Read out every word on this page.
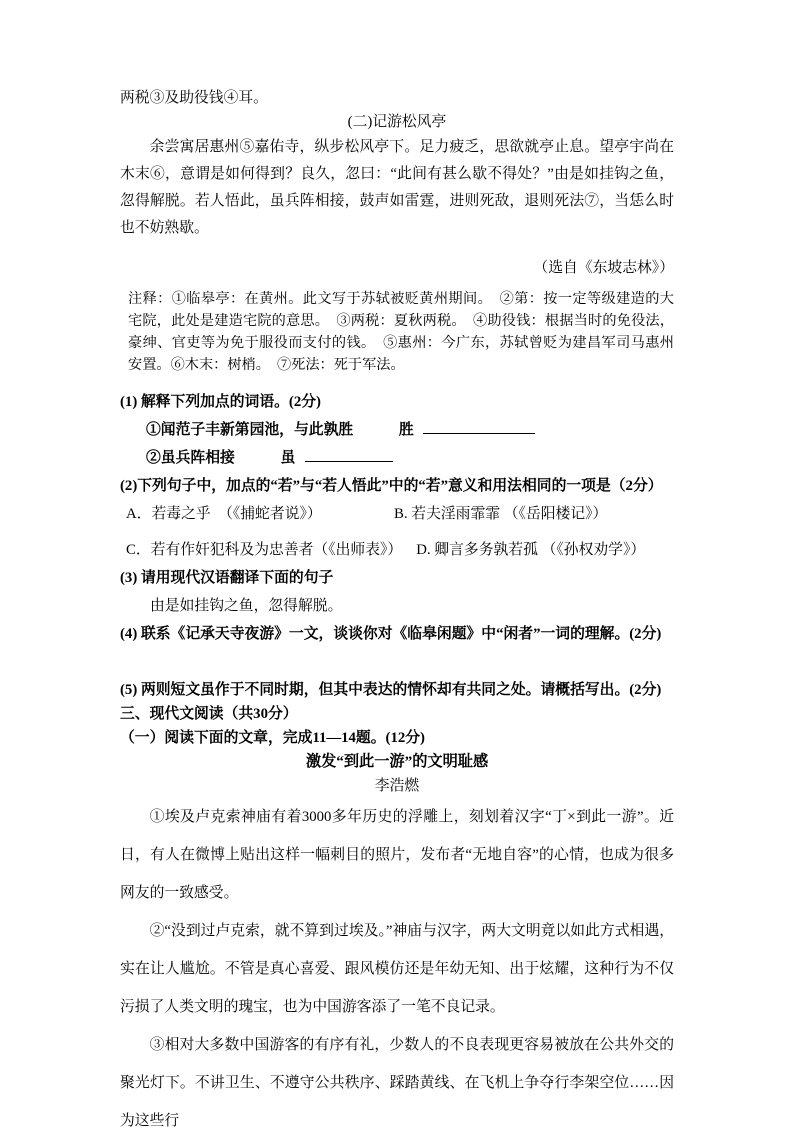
两税③及助役钱④耳。

(二)记游松风亭

余尝寓居惠州⑤嘉佑寺，纵步松风亭下。足力疲乏，思欲就亭止息。望亭宇尚在木末⑥，意谓是如何得到？良久，忽曰：“此间有甚么歇不得处？”由是如挂钩之鱼，忽得解脱。若人悟此，虽兵阵相接，鼓声如雷霆，进则死敌，退则死法⑦，当恁么时也不妨熟歇。

（选自《东坡志林》）

注释：①临皋亭：在黄州。此文写于苏轼被贬黄州期间。　②第：按一定等级建造的大宅院，此处是建造宅院的意思。　③两税：夏秋两税。　④助役钱：根据当时的免役法，豪绅、官吏等为免于服役而支付的钱。　⑤惠州：今广东，苏轼曾贬为建昌军司马惠州安置。⑥木末：树梢。　⑦死法：死于军法。

(1) 解释下列加点的词语。(2分)

①闻范子丰新第园池，与此孰胜	胜

②虽兵阵相接	虽

(2)下列句子中，加点的“若”与“若人悟此”中的“若”意义和用法相同的一项是（2分）

A．若毒之乎　（《捕蛇者说》）	B. 若夫淫雨霏霏 （《岳阳楼记》）
C．若有作奸犯科及为忠善者（《出师表》） D. 卿言多务孰若孤 （《孙权劝学》）

(3) 请用现代汉语翻译下面的句子

由是如挂钩之鱼，忽得解脱。

(4) 联系《记承天寺夜游》一文，谈谈你对《临皋闲题》中“闲者”一词的理解。(2分)

(5) 两则短文虽作于不同时期，但其中表达的情怀却有共同之处。请概括写出。(2分)

三、现代文阅读（共30分）

（一）阅读下面的文章，完成11—14题。(12分)

激发“到此一游”的文明耻感

李浩燃

①埃及卢克索神庙有着3000多年历史的浮雕上，刻划着汉字“丁×到此一游”。近日，有人在微博上贴出这样一幅刺目的照片，发布者“无地自容”的心情，也成为很多网友的一致感受。

②“没到过卢克索，就不算到过埃及。”神庙与汉字，两大文明竟以如此方式相遇，实在让人尴尬。不管是真心喜爱、跟风模仿还是年幼无知、出于炫耀，这种行为不仅污损了人类文明的瑰宝，也为中国游客添了一笔不良记录。

③相对大多数中国游客的有序有礼，少数人的不良表现更容易被放在公共外交的聚光灯下。不讲卫生、不遵守公共秩序、踩踏黄线、在飞机上争夺行李架空位……因为这些行
